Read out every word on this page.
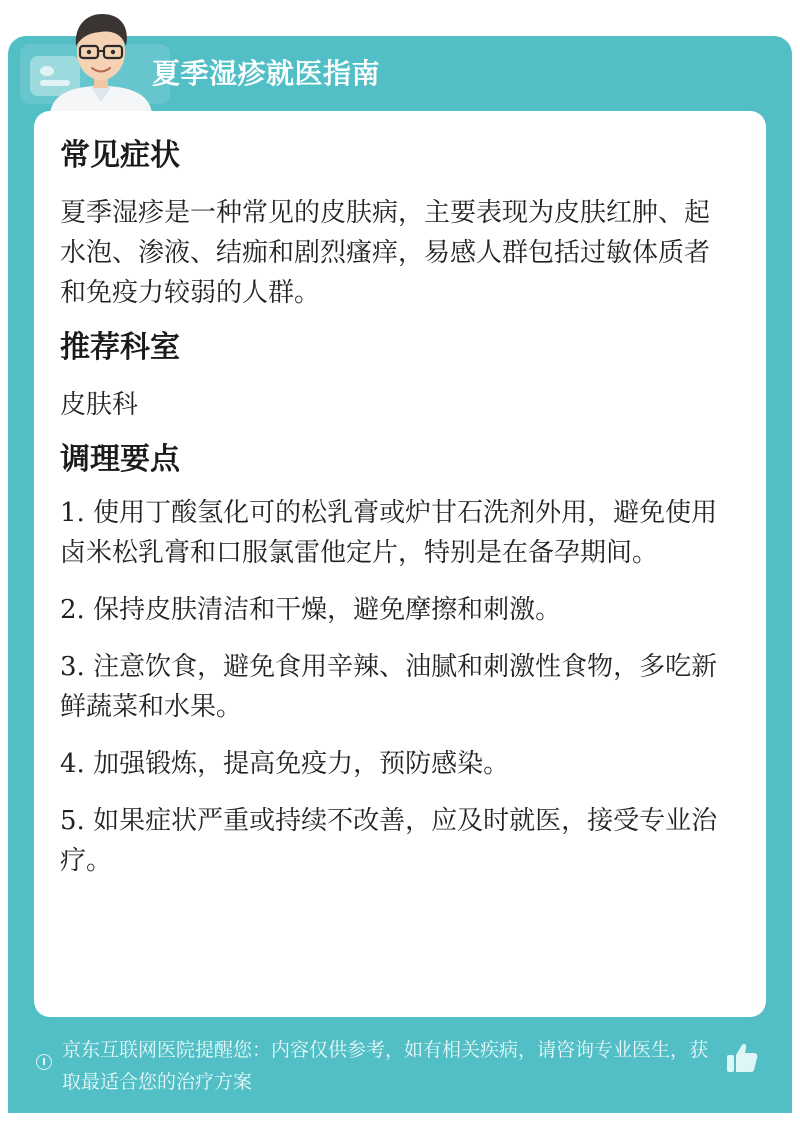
夏季湿疹就医指南
常见症状

夏季湿疹是一种常见的皮肤病，主要表现为皮肤红肿、起水泡、渗液、结痂和剧烈瘙痒，易感人群包括过敏体质者和免疫力较弱的人群。

推荐科室

皮肤科

调理要点
1. 使用丁酸氢化可的松乳膏或炉甘石洗剂外用，避免使用卤米松乳膏和口服氯雷他定片，特别是在备孕期间。
2. 保持皮肤清洁和干燥，避免摩擦和刺激。
3. 注意饮食，避免食用辛辣、油腻和刺激性食物，多吃新鲜蔬菜和水果。
4. 加强锻炼，提高免疫力，预防感染。
5. 如果症状严重或持续不改善，应及时就医，接受专业治疗。
京东互联网医院提醒您：内容仅供参考，如有相关疾病，请咨询专业医生，获取最适合您的治疗方案
